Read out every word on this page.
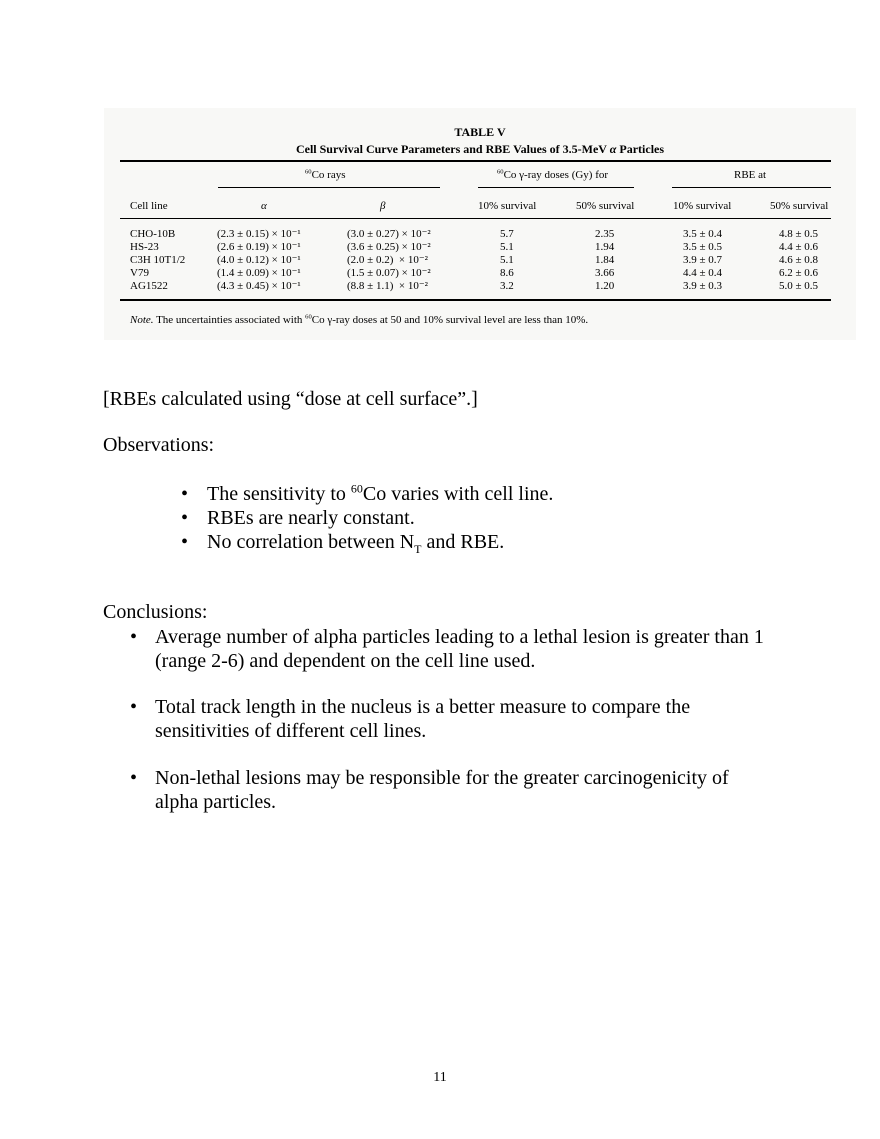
TABLE V
Cell Survival Curve Parameters and RBE Values of 3.5-MeV α Particles
$^{60}$Co rays	$^{60}$Co γ-ray doses (Gy) for	RBE at
Cell line	α	β	10% survival	50% survival	10% survival	50% survival
CHO-10B	(2.3 ± 0.15) × 10⁻¹	(3.0 ± 0.27) × 10⁻²	5.7	2.35	3.5 ± 0.4	4.8 ± 0.5
HS-23	(2.6 ± 0.19) × 10⁻¹	(3.6 ± 0.25) × 10⁻²	5.1	1.94	3.5 ± 0.5	4.4 ± 0.6
C3H 10T1/2	(4.0 ± 0.12) × 10⁻¹	(2.0 ± 0.2)  × 10⁻²	5.1	1.84	3.9 ± 0.7	4.6 ± 0.8
V79	(1.4 ± 0.09) × 10⁻¹	(1.5 ± 0.07) × 10⁻²	8.6	3.66	4.4 ± 0.4	6.2 ± 0.6
AG1522	(4.3 ± 0.45) × 10⁻¹	(8.8 ± 1.1)  × 10⁻²	3.2	1.20	3.9 ± 0.3	5.0 ± 0.5
Note. The uncertainties associated with $^{60}$Co γ-ray doses at 50 and 10% survival level are less than 10%.
[RBEs calculated using “dose at cell surface”.]
Observations:
• The sensitivity to $^{60}$Co varies with cell line.
• RBEs are nearly constant.
• No correlation between $N_T$ and RBE.
Conclusions:
• Average number of alpha particles leading to a lethal lesion is greater than 1
(range 2-6) and dependent on the cell line used.
• Total track length in the nucleus is a better measure to compare the
sensitivities of different cell lines.
• Non-lethal lesions may be responsible for the greater carcinogenicity of
alpha particles.
11
